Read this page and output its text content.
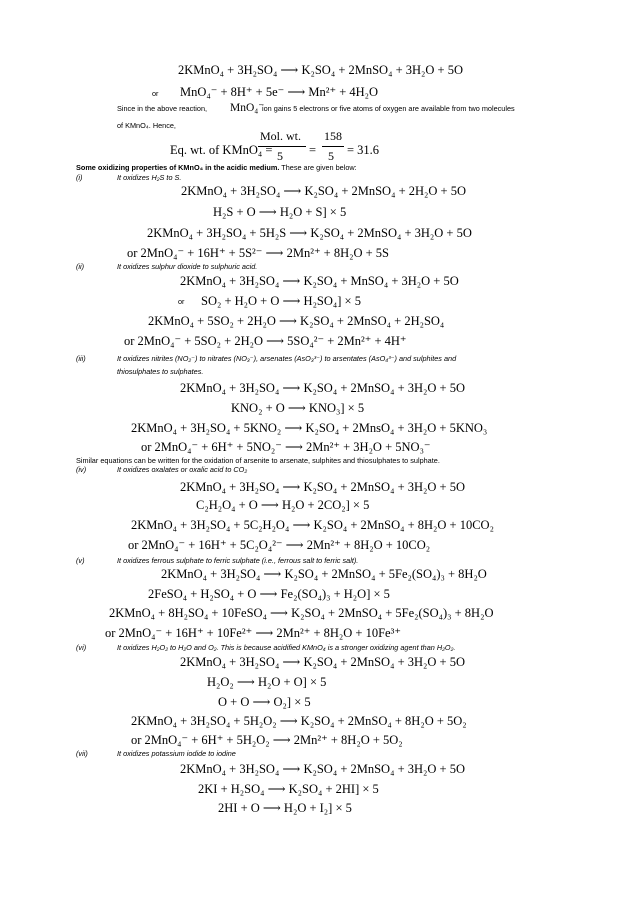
2KMnO₄ + 3H₂SO₄ ⟶ K₂SO₄ + 2MnSO₄ + 3H₂O + 5O
or MnO₄⁻ + 8H⁺ + 5e⁻ ⟶ Mn²⁺ + 4H₂O
Since in the above reaction, MnO₄⁻
ion gains 5 electrons or five atoms of oxygen are available from two molecules
of KMnO₄. Hence,
Eq. wt. of KMnO₄ =
Mol. wt.
5 =
158
5 = 31.6
Some oxidizing properties of KMnO₄ in the acidic medium. These are given below:
(i)	It oxidizes H₂S to S.
2KMnO₄ + 3H₂SO₄ ⟶ K₂SO₄ + 2MnSO₄ + 2H₂O + 5O
H₂S + O ⟶ H₂O + S] × 5
2KMnO₄ + 3H₂SO₄ + 5H₂S ⟶ K₂SO₄ + 2MnSO₄ + 3H₂O + 5O
or 2MnO₄⁻ + 16H⁺ + 5S²⁻ ⟶ 2Mn²⁺ + 8H₂O + 5S
(ii)	It oxidizes sulphur dioxide to sulphuric acid.
2KMnO₄ + 3H₂SO₄ ⟶ K₂SO₄ + MnSO₄ + 3H₂O + 5O
or SO₂ + H₂O + O ⟶ H₂SO₄] × 5
2KMnO₄ + 5SO₂ + 2H₂O ⟶ K₂SO₄ + 2MnSO₄ + 2H₂SO₄
or 2MnO₄⁻ + 5SO₂ + 2H₂O ⟶ 5SO₄²⁻ + 2Mn²⁺ + 4H⁺
(iii)	It oxidizes nitrites (NO₂⁻) to nitrates (NO₃⁻), arsenates (AsO₃³⁻) to arsentates (AsO₄³⁻) and sulphites and
thiosulphates to sulphates.
2KMnO₄ + 3H₂SO₄ ⟶ K₂SO₄ + 2MnSO₄ + 3H₂O + 5O
KNO₂ + O ⟶ KNO₃] × 5
2KMnO₄ + 3H₂SO₄ + 5KNO₂ ⟶ K₂SO₄ + 2MnsO₄ + 3H₂O + 5KNO₃
or 2MnO₄⁻ + 6H⁺ + 5NO₂⁻ ⟶ 2Mn²⁺ + 3H₂O + 5NO₃⁻
Similar equations can be written for the oxidation of arsenite to arsenate, sulphites and thiosulphates to sulphate.
(iv)	It oxidizes oxalates or oxalic acid to CO₂
2KMnO₄ + 3H₂SO₄ ⟶ K₂SO₄ + 2MnSO₄ + 3H₂O + 5O
C₂H₂O₄ + O ⟶ H₂O + 2CO₂] × 5
2KMnO₄ + 3H₂SO₄ + 5C₂H₂O₄ ⟶ K₂SO₄ + 2MnSO₄ + 8H₂O + 10CO₂
or 2MnO₄⁻ + 16H⁺ + 5C₂O₄²⁻ ⟶ 2Mn²⁺ + 8H₂O + 10CO₂
(v)	It oxidizes ferrous sulphate to ferric sulphate (i.e., ferrous salt to ferric salt).
2KMnO₄ + 3H₂SO₄ ⟶ K₂SO₄ + 2MnSO₄ + 5Fe₂(SO₄)₃ + 8H₂O
2FeSO₄ + H₂SO₄ + O ⟶ Fe₂(SO₄)₃ + H₂O] × 5
2KMnO₄ + 8H₂SO₄ + 10FeSO₄ ⟶ K₂SO₄ + 2MnSO₄ + 5Fe₂(SO₄)₃ + 8H₂O
or 2MnO₄⁻ + 16H⁺ + 10Fe²⁺ ⟶ 2Mn²⁺ + 8H₂O + 10Fe³⁺
(vi)	It oxidizes H₂O₂ to H₂O and O₂. This is because acidified KMnO₄ is a stronger oxidizing agent than H₂O₂.
2KMnO₄ + 3H₂SO₄ ⟶ K₂SO₄ + 2MnSO₄ + 3H₂O + 5O
H₂O₂ ⟶ H₂O + O] × 5
O + O ⟶ O₂] × 5
2KMnO₄ + 3H₂SO₄ + 5H₂O₂ ⟶ K₂SO₄ + 2MnSO₄ + 8H₂O + 5O₂
or 2MnO₄⁻ + 6H⁺ + 5H₂O₂ ⟶ 2Mn²⁺ + 8H₂O + 5O₂
(vii)	It oxidizes potassium iodide to iodine
2KMnO₄ + 3H₂SO₄ ⟶ K₂SO₄ + 2MnSO₄ + 3H₂O + 5O
2KI + H₂SO₄ ⟶ K₂SO₄ + 2HI] × 5
2HI + O ⟶ H₂O + I₂] × 5
